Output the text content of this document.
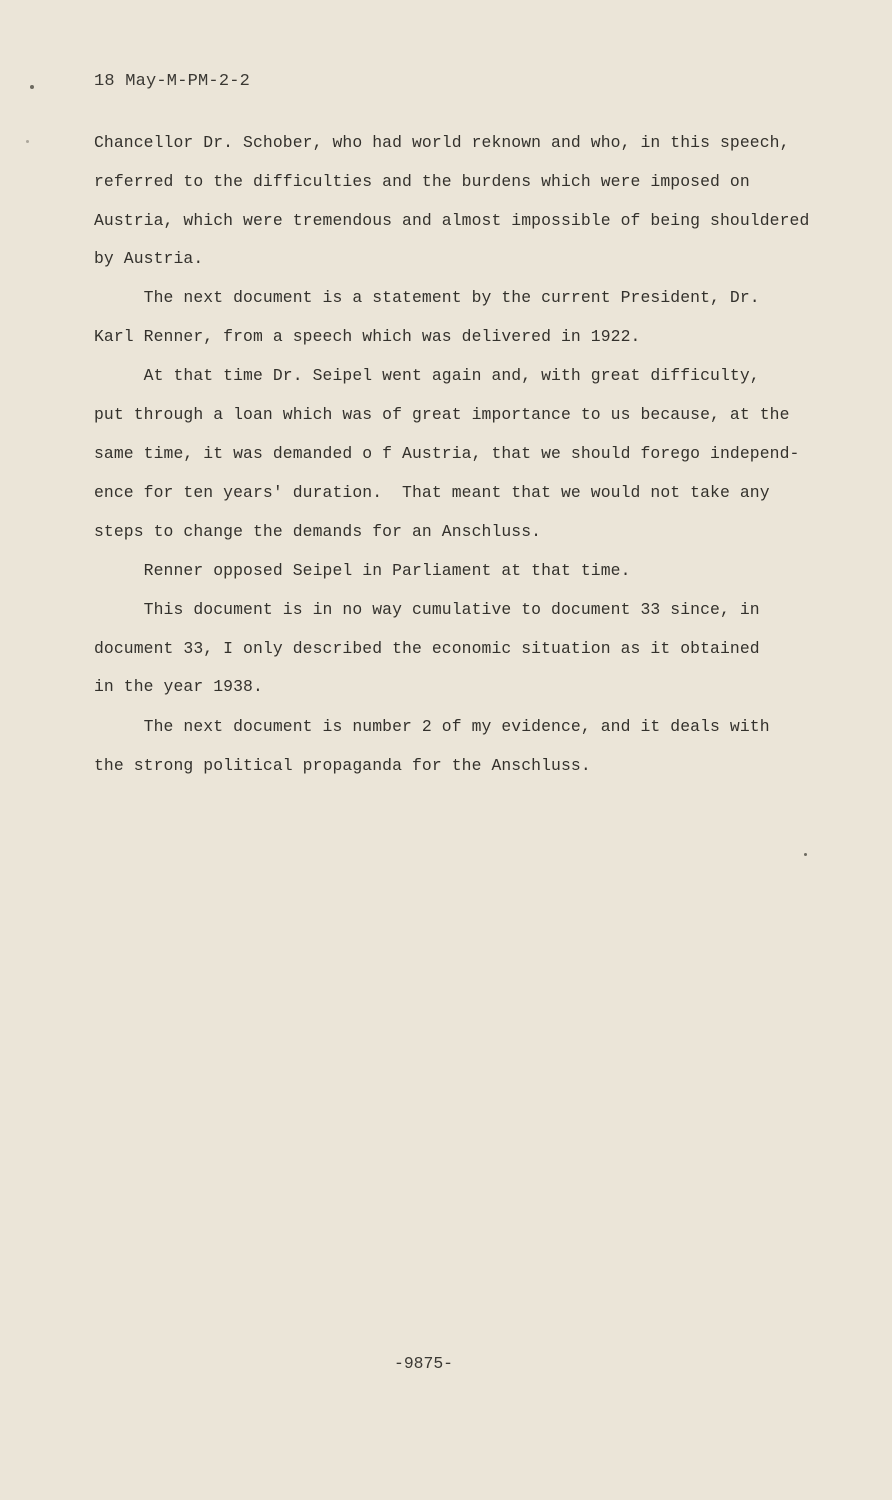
18 May-M-PM-2-2
Chancellor Dr. Schober, who had world reknown and who, in this speech,
referred to the difficulties and the burdens which were imposed on
Austria, which were tremendous and almost impossible of being shouldered
by Austria.
The next document is a statement by the current President, Dr.
Karl Renner, from a speech which was delivered in 1922.
At that time Dr. Seipel went again and, with great difficulty,
put through a loan which was of great importance to us because, at the
same time, it was demanded o f Austria, that we should forego independ-
ence for ten years' duration.  That meant that we would not take any
steps to change the demands for an Anschluss.
Renner opposed Seipel in Parliament at that time.
This document is in no way cumulative to document 33 since, in
document 33, I only described the economic situation as it obtained
in the year 1938.
The next document is number 2 of my evidence, and it deals with
the strong political propaganda for the Anschluss.
-9875-
